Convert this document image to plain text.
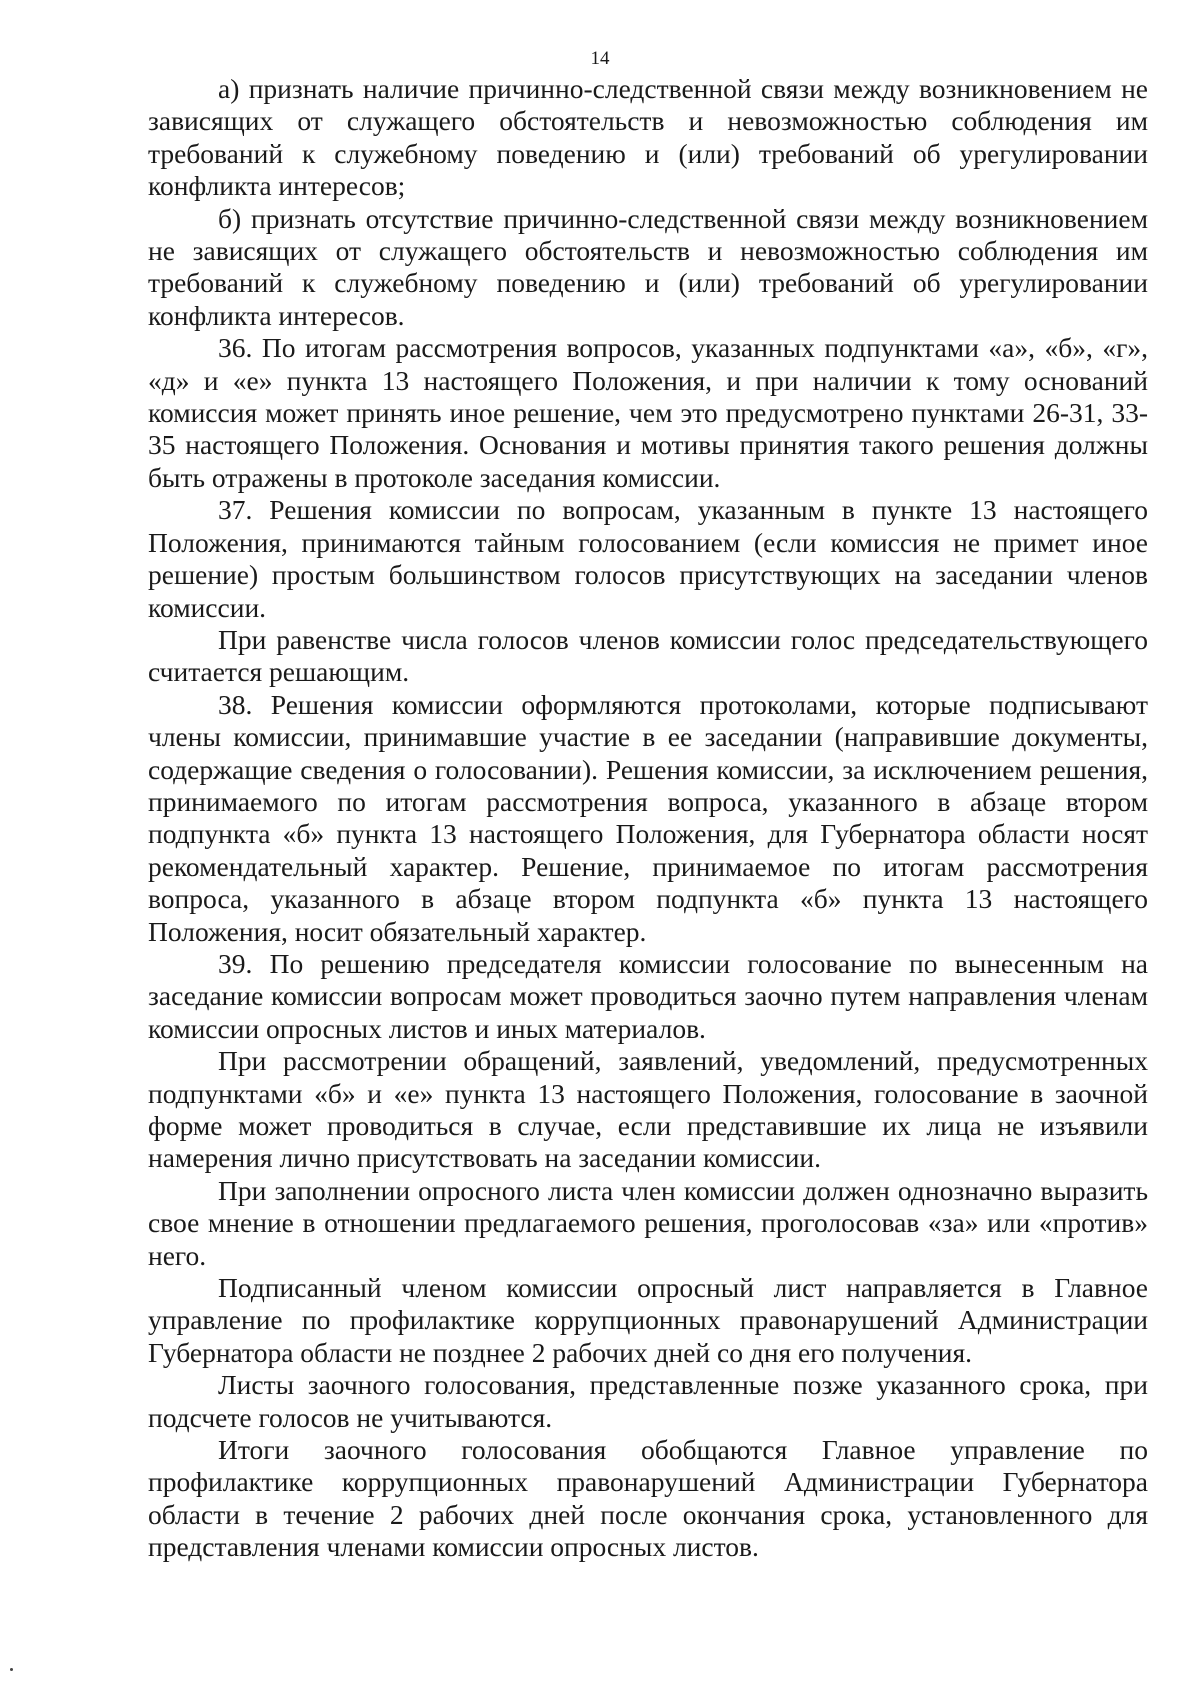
14

а) признать наличие причинно-следственной связи между возникновением не зависящих от служащего обстоятельств и невозможностью соблюдения им требований к служебному поведению и (или) требований об урегулировании конфликта интересов;

б) признать отсутствие причинно-следственной связи между возникновением не зависящих от служащего обстоятельств и невозможностью соблюдения им требований к служебному поведению и (или) требований об урегулировании конфликта интересов.

36. По итогам рассмотрения вопросов, указанных подпунктами «а», «б», «г», «д» и «е» пункта 13 настоящего Положения, и при наличии к тому оснований комиссия может принять иное решение, чем это предусмотрено пунктами 26-31, 33-35 настоящего Положения. Основания и мотивы принятия такого решения должны быть отражены в протоколе заседания комиссии.

37. Решения комиссии по вопросам, указанным в пункте 13 настоящего Положения, принимаются тайным голосованием (если комиссия не примет иное решение) простым большинством голосов присутствующих на заседании членов комиссии.

При равенстве числа голосов членов комиссии голос председательствующего считается решающим.

38. Решения комиссии оформляются протоколами, которые подписывают члены комиссии, принимавшие участие в ее заседании (направившие документы, содержащие сведения о голосовании). Решения комиссии, за исключением решения, принимаемого по итогам рассмотрения вопроса, указанного в абзаце втором подпункта «б» пункта 13 настоящего Положения, для Губернатора области носят рекомендательный характер. Решение, принимаемое по итогам рассмотрения вопроса, указанного в абзаце втором подпункта «б» пункта 13 настоящего Положения, носит обязательный характер.

39. По решению председателя комиссии голосование по вынесенным на заседание комиссии вопросам может проводиться заочно путем направления членам комиссии опросных листов и иных материалов.

При рассмотрении обращений, заявлений, уведомлений, предусмотренных подпунктами «б» и «е» пункта 13 настоящего Положения, голосование в заочной форме может проводиться в случае, если представившие их лица не изъявили намерения лично присутствовать на заседании комиссии.

При заполнении опросного листа член комиссии должен однозначно выразить свое мнение в отношении предлагаемого решения, проголосовав «за» или «против» него.

Подписанный членом комиссии опросный лист направляется в Главное управление по профилактике коррупционных правонарушений Администрации Губернатора области не позднее 2 рабочих дней со дня его получения.

Листы заочного голосования, представленные позже указанного срока, при подсчете голосов не учитываются.

Итоги заочного голосования обобщаются Главное управление по профилактике коррупционных правонарушений Администрации Губернатора области в течение 2 рабочих дней после окончания срока, установленного для представления членами комиссии опросных листов.
